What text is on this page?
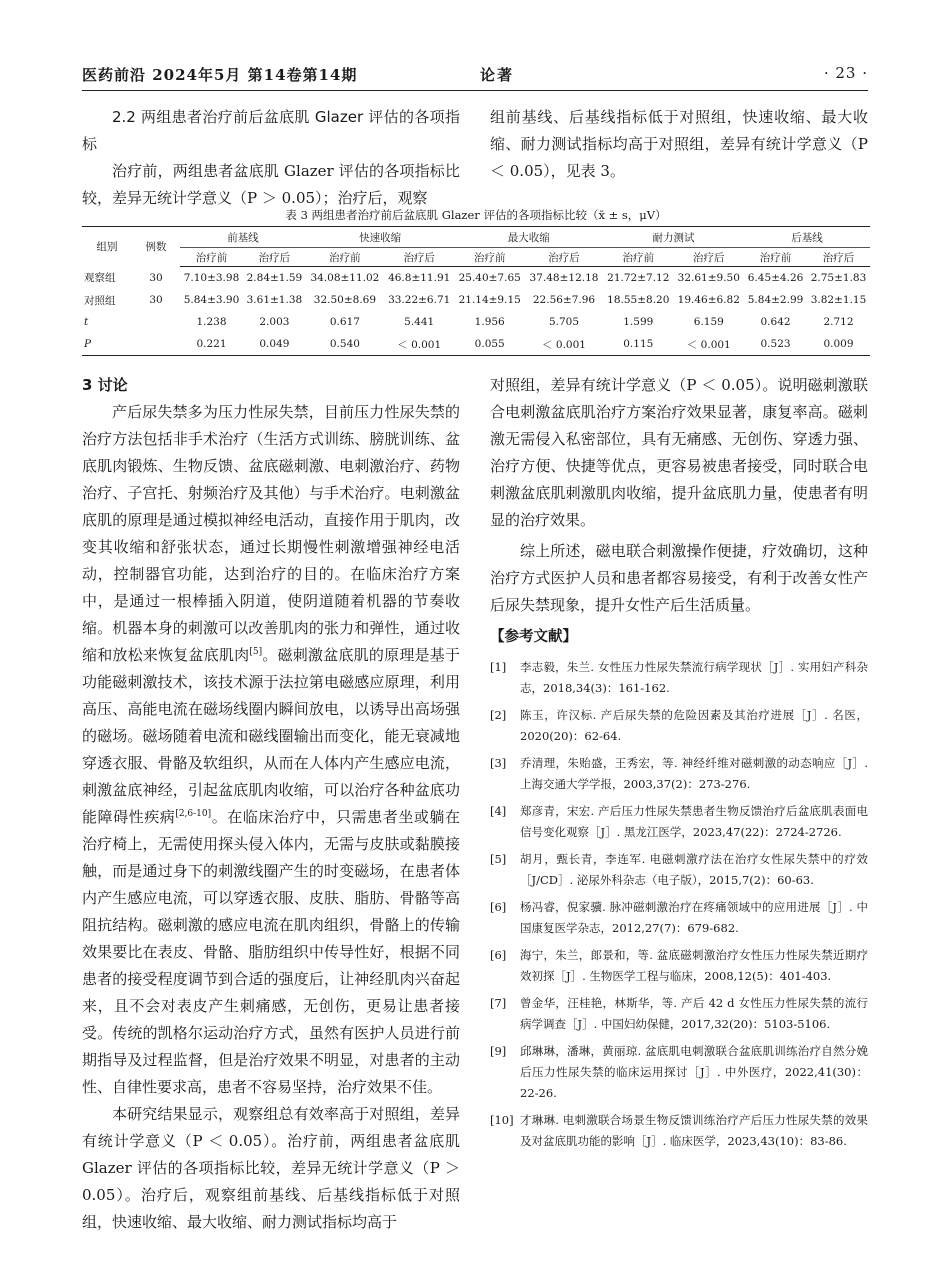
医药前沿 2024年5月 第14卷第14期	论著	· 23 ·

2.2 两组患者治疗前后盆底肌 Glazer 评估的各项指标

治疗前，两组患者盆底肌 Glazer 评估的各项指标比较，差异无统计学意义（P ＞ 0.05）；治疗后，观察

组前基线、后基线指标低于对照组，快速收缩、最大收缩、耐力测试指标均高于对照组，差异有统计学意义（P ＜ 0.05），见表 3。

表 3 两组患者治疗前后盆底肌 Glazer 评估的各项指标比较（x̄ ± s，μV）
组别	例数	前基线		快速收缩		最大收缩		耐力测试		后基线	
		治疗前	治疗后	治疗前	治疗后	治疗前	治疗后	治疗前	治疗后	治疗前	治疗后
观察组	30	7.10±3.98	2.84±1.59	34.08±11.02	46.8±11.91	25.40±7.65	37.48±12.18	21.72±7.12	32.61±9.50	6.45±4.26	2.75±1.83
对照组	30	5.84±3.90	3.61±1.38	32.50±8.69	33.22±6.71	21.14±9.15	22.56±7.96	18.55±8.20	19.46±6.82	5.84±2.99	3.82±1.15
t		1.238	2.003	0.617	5.441	1.956	5.705	1.599	6.159	0.642	2.712
P		0.221	0.049	0.540	＜ 0.001	0.055	＜ 0.001	0.115	＜ 0.001	0.523	0.009

3 讨论

产后尿失禁多为压力性尿失禁，目前压力性尿失禁的治疗方法包括非手术治疗（生活方式训练、膀胱训练、盆底肌肉锻炼、生物反馈、盆底磁刺激、电刺激治疗、药物治疗、子宫托、射频治疗及其他）与手术治疗。电刺激盆底肌的原理是通过模拟神经电活动，直接作用于肌肉，改变其收缩和舒张状态，通过长期慢性刺激增强神经电活动，控制器官功能，达到治疗的目的。在临床治疗方案中，是通过一根棒插入阴道，使阴道随着机器的节奏收缩。机器本身的刺激可以改善肌肉的张力和弹性，通过收缩和放松来恢复盆底肌肉[5]。磁刺激盆底肌的原理是基于功能磁刺激技术，该技术源于法拉第电磁感应原理，利用高压、高能电流在磁场线圈内瞬间放电，以诱导出高场强的磁场。磁场随着电流和磁线圈输出而变化，能无衰减地穿透衣服、骨骼及软组织，从而在人体内产生感应电流，刺激盆底神经，引起盆底肌肉收缩，可以治疗各种盆底功能障碍性疾病[2,6-10]。在临床治疗中，只需患者坐或躺在治疗椅上，无需使用探头侵入体内，无需与皮肤或黏膜接触，而是通过身下的刺激线圈产生的时变磁场，在患者体内产生感应电流，可以穿透衣服、皮肤、脂肪、骨骼等高阻抗结构。磁刺激的感应电流在肌肉组织，骨骼上的传输效果要比在表皮、骨骼、脂肪组织中传导性好，根据不同患者的接受程度调节到合适的强度后，让神经肌肉兴奋起来，且不会对表皮产生刺痛感，无创伤，更易让患者接受。传统的凯格尔运动治疗方式，虽然有医护人员进行前期指导及过程监督，但是治疗效果不明显，对患者的主动性、自律性要求高，患者不容易坚持，治疗效果不佳。

本研究结果显示，观察组总有效率高于对照组，差异有统计学意义（P ＜ 0.05）。治疗前，两组患者盆底肌 Glazer 评估的各项指标比较，差异无统计学意义（P ＞ 0.05）。治疗后，观察组前基线、后基线指标低于对照组，快速收缩、最大收缩、耐力测试指标均高于

对照组，差异有统计学意义（P ＜ 0.05）。说明磁刺激联合电刺激盆底肌治疗方案治疗效果显著，康复率高。磁刺激无需侵入私密部位，具有无痛感、无创伤、穿透力强、治疗方便、快捷等优点，更容易被患者接受，同时联合电刺激盆底肌刺激肌肉收缩，提升盆底肌力量，使患者有明显的治疗效果。

综上所述，磁电联合刺激操作便捷，疗效确切，这种治疗方式医护人员和患者都容易接受，有利于改善女性产后尿失禁现象，提升女性产后生活质量。

【参考文献】
[1]	李志毅，朱兰. 女性压力性尿失禁流行病学现状［J］. 实用妇产科杂志，2018,34(3)：161-162.
[2]	陈玉，许汉标. 产后尿失禁的危险因素及其治疗进展［J］. 名医，2020(20)：62-64.
[3]	乔清理，朱贻盛，王秀宏，等. 神经纤维对磁刺激的动态响应［J］. 上海交通大学学报，2003,37(2)：273-276.
[4]	郑彦青，宋宏. 产后压力性尿失禁患者生物反馈治疗后盆底肌表面电信号变化观察［J］. 黑龙江医学，2023,47(22)：2724-2726.
[5]	胡月，甄长青，李连军. 电磁刺激疗法在治疗女性尿失禁中的疗效［J/CD］. 泌尿外科杂志（电子版），2015,7(2)：60-63.
[6]	杨冯睿，倪家骥. 脉冲磁刺激治疗在疼痛领域中的应用进展［J］. 中国康复医学杂志，2012,27(7)：679-682.
[6]	海宁，朱兰，郎景和，等. 盆底磁刺激治疗女性压力性尿失禁近期疗效初探［J］. 生物医学工程与临床，2008,12(5)：401-403.
[7]	曾金华，汪桂艳，林斯华，等. 产后 42 d 女性压力性尿失禁的流行病学调查［J］. 中国妇幼保健，2017,32(20)：5103-5106.
[9]	邱琳琳，潘琳，黄丽琼. 盆底肌电刺激联合盆底肌训练治疗自然分娩后压力性尿失禁的临床运用探讨［J］. 中外医疗，2022,41(30)：22-26.
[10] 才琳琳. 电刺激联合场景生物反馈训练治疗产后压力性尿失禁的效果及对盆底肌功能的影响［J］. 临床医学，2023,43(10)：83-86.
